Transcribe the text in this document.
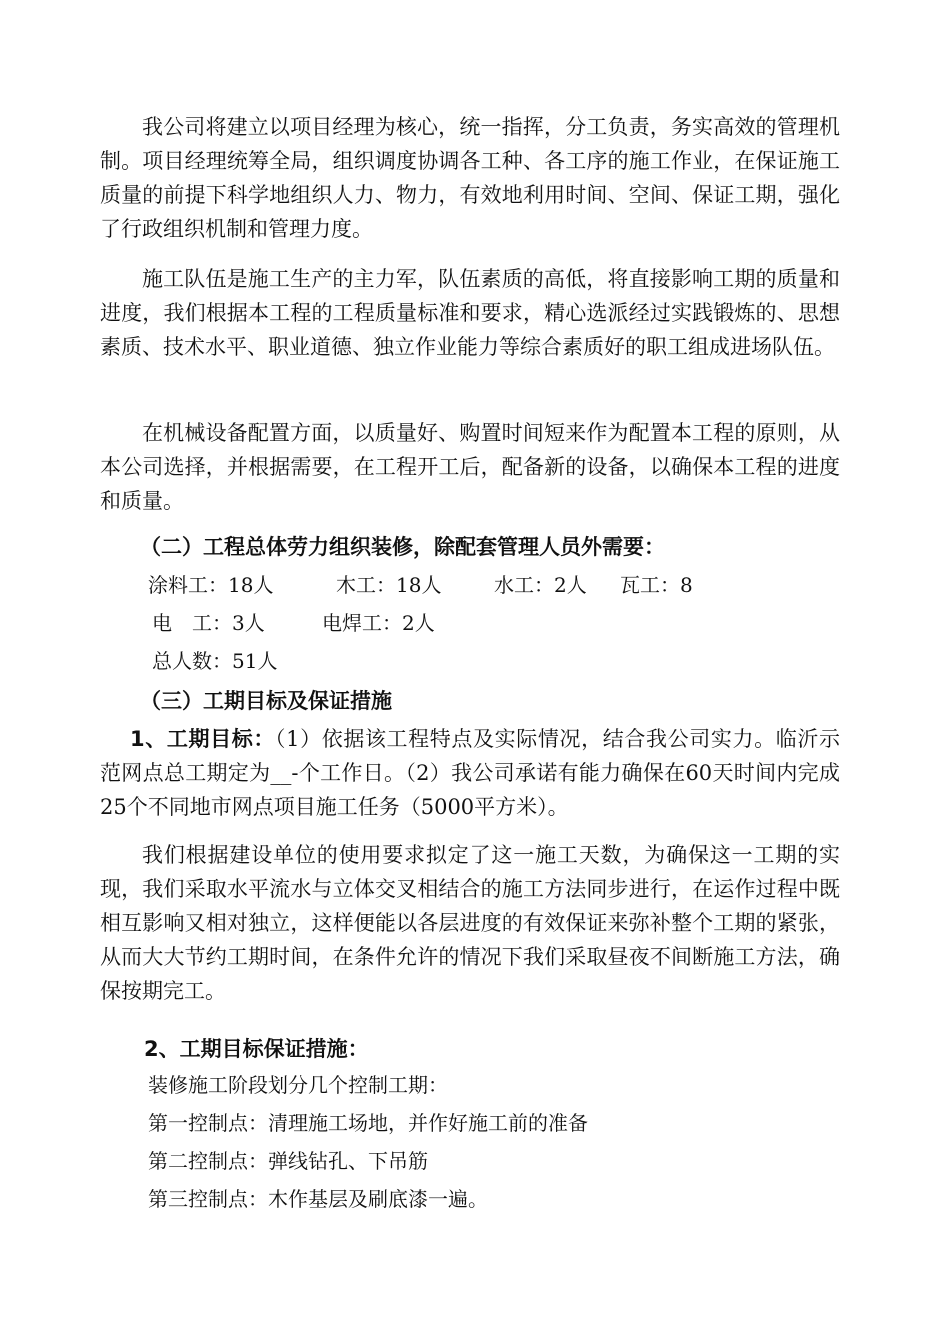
我公司将建立以项目经理为核心，统一指挥，分工负责，务实高效的管理机制。项目经理统筹全局，组织调度协调各工种、各工序的施工作业，在保证施工质量的前提下科学地组织人力、物力，有效地利用时间、空间、保证工期，强化了行政组织机制和管理力度。

施工队伍是施工生产的主力军，队伍素质的高低，将直接影响工期的质量和进度，我们根据本工程的工程质量标准和要求，精心选派经过实践锻炼的、思想素质、技术水平、职业道德、独立作业能力等综合素质好的职工组成进场队伍。

在机械设备配置方面，以质量好、购置时间短来作为配置本工程的原则，从本公司选择，并根据需要，在工程开工后，配备新的设备，以确保本工程的进度和质量。

（二）工程总体劳力组织装修，除配套管理人员外需要：

涂料工：18人	木工：18人	水工：2人 瓦工：8
电　工：3人	电焊工：2人
总人数：51人

（三）工期目标及保证措施

1、工期目标：（1）依据该工程特点及实际情况，结合我公司实力。临沂示范网点总工期定为__-个工作日。（2）我公司承诺有能力确保在60天时间内完成25个不同地市网点项目施工任务（5000平方米）。

我们根据建设单位的使用要求拟定了这一施工天数，为确保这一工期的实现，我们采取水平流水与立体交叉相结合的施工方法同步进行，在运作过程中既相互影响又相对独立，这样便能以各层进度的有效保证来弥补整个工期的紧张，从而大大节约工期时间，在条件允许的情况下我们采取昼夜不间断施工方法，确保按期完工。

2、工期目标保证措施：

装修施工阶段划分几个控制工期：

第一控制点：清理施工场地，并作好施工前的准备

第二控制点：弹线钻孔、下吊筋

第三控制点：木作基层及刷底漆一遍。
